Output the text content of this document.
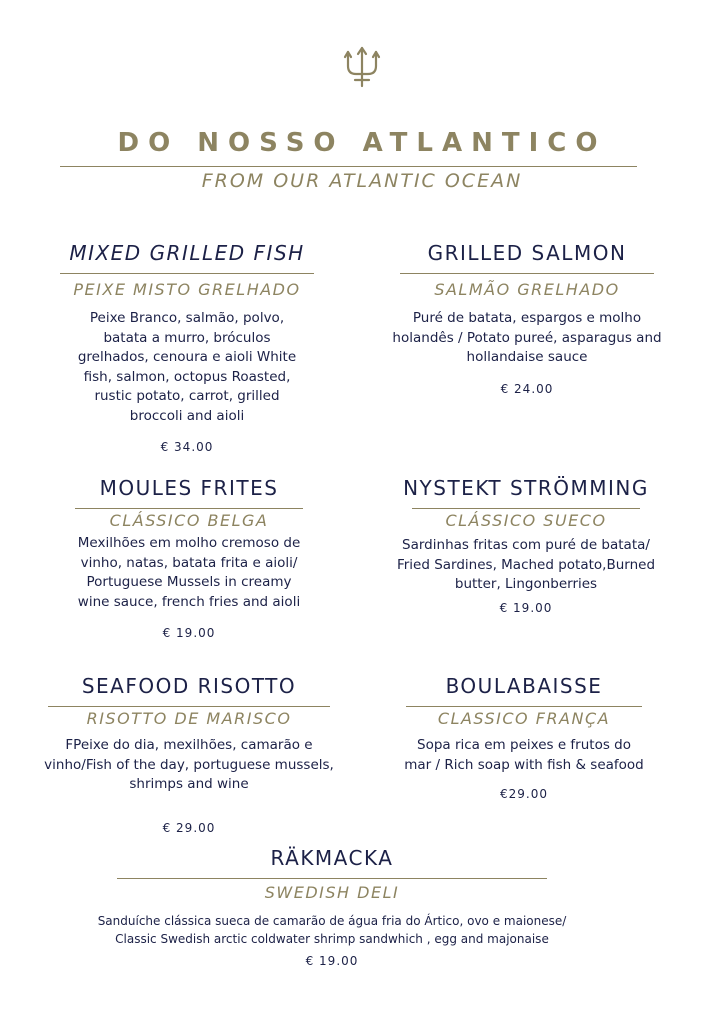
DO NOSSO ATLANTICO
FROM OUR ATLANTIC OCEAN
MIXED GRILLED FISH
PEIXE MISTO GRELHADO
Peixe Branco, salmão, polvo, batata a murro, bróculos grelhados, cenoura e aioli White fish, salmon, octopus Roasted, rustic potato, carrot, grilled broccoli and aioli
€ 34.00
GRILLED SALMON
SALMÃO GRELHADO
Puré de batata, espargos e molho holandês / Potato pureé, asparagus and hollandaise sauce
€ 24.00
MOULES FRITES
CLÁSSICO BELGA
Mexilhões em molho cremoso de vinho, natas, batata frita e aioli/ Portuguese Mussels in creamy wine sauce, french fries and aioli
€ 19.00
NYSTEKT STRÖMMING
CLÁSSICO SUECO
Sardinhas fritas com puré de batata/ Fried Sardines, Mached potato,Burned butter, Lingonberries
€ 19.00
SEAFOOD RISOTTO
RISOTTO DE MARISCO
FPeixe do dia, mexilhões, camarão e vinho/Fish of the day, portuguese mussels, shrimps and wine
€ 29.00
BOULABAISSE
CLASSICO FRANÇA
Sopa rica em peixes e frutos do mar / Rich soap with fish & seafood
€29.00
RÄKMACKA
SWEDISH DELI
Sanduíche clássica sueca de camarão de água fria do Ártico, ovo e maionese/ Classic Swedish arctic coldwater shrimp sandwhich , egg and majonaise
€ 19.00
